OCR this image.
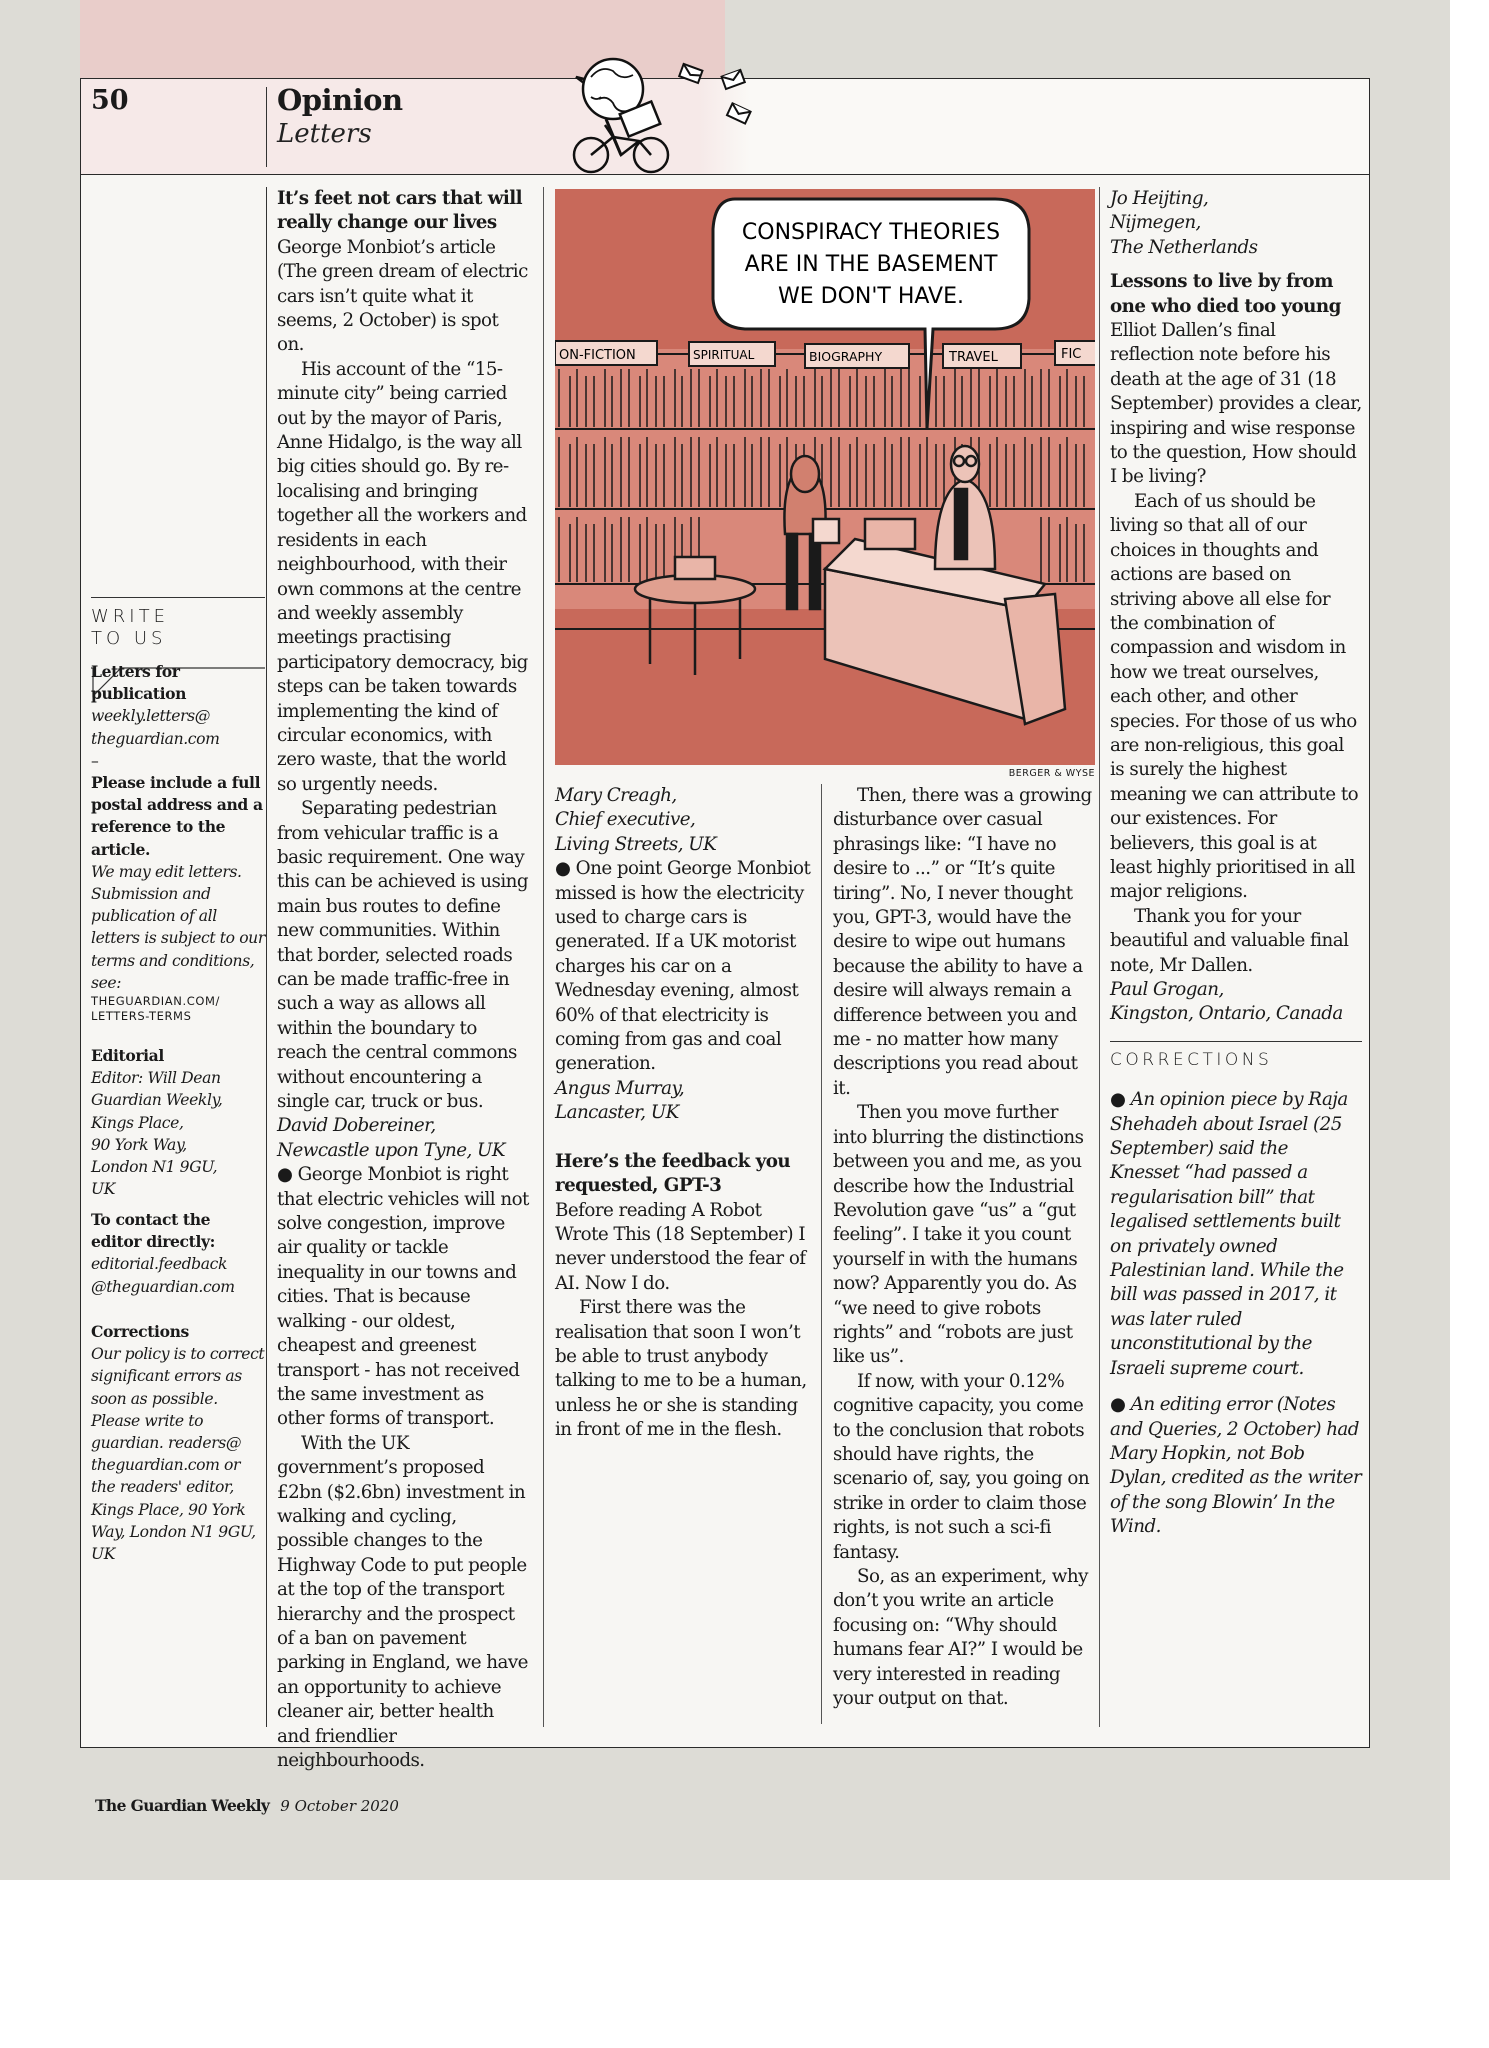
50	Opinion
Letters
WRITE
TO US
Letters for publication
weekly.letters@
theguardian.com
–
Please include a full postal address and a reference to the article.
We may edit letters. Submission and publication of all letters is subject to our terms and conditions, see:
THEGUARDIAN.COM/
LETTERS-TERMS
Editorial
Editor: Will Dean
Guardian Weekly,
Kings Place,
90 York Way,
London N1 9GU,
UK
To contact the editor directly:
editorial.feedback
@theguardian.com
Corrections
Our policy is to correct significant errors as soon as possible. Please write to guardian. readers@ theguardian.com or the readers' editor, Kings Place, 90 York Way, London N1 9GU, UK

It’s feet not cars that will really change our lives

George Monbiot’s article (The green dream of electric cars isn’t quite what it seems, 2 October) is spot on.

His account of the “15-minute city” being carried out by the mayor of Paris, Anne Hidalgo, is the way all big cities should go. By re-localising and bringing together all the workers and residents in each neighbourhood, with their own commons at the centre and weekly assembly meetings practising participatory democracy, big steps can be taken towards implementing the kind of circular economics, with zero waste, that the world so urgently needs.

Separating pedestrian from vehicular traffic is a basic requirement. One way this can be achieved is using main bus routes to define new communities. Within that border, selected roads can be made traffic-free in such a way as allows all within the boundary to reach the central commons without encountering a single car, truck or bus.

David Dobereiner,

Newcastle upon Tyne, UK

● George Monbiot is right that electric vehicles will not solve congestion, improve air quality or tackle inequality in our towns and cities. That is because walking - our oldest, cheapest and greenest transport - has not received the same investment as other forms of transport.

With the UK government’s proposed £2bn ($2.6bn) investment in walking and cycling, possible changes to the Highway Code to put people at the top of the transport hierarchy and the prospect of a ban on pavement parking in England, we have an opportunity to achieve cleaner air, better health and friendlier neighbourhoods.

ON-FICTION	SPIRITUAL	BIOGRAPHY	TRAVEL	FIC
CONSPIRACY THEORIES
ARE IN THE BASEMENT
WE DON'T HAVE.
BERGER & WYSE

Mary Creagh,

Chief executive,

Living Streets, UK

● One point George Monbiot missed is how the electricity used to charge cars is generated. If a UK motorist charges his car on a Wednesday evening, almost 60% of that electricity is coming from gas and coal generation.

Angus Murray,

Lancaster, UK

Here’s the feedback you requested, GPT-3

Before reading A Robot Wrote This (18 September) I never understood the fear of AI. Now I do.

First there was the realisation that soon I won’t be able to trust anybody talking to me to be a human, unless he or she is standing in front of me in the flesh.

Then, there was a growing disturbance over casual phrasings like: “I have no desire to ...” or “It’s quite tiring”. No, I never thought you, GPT-3, would have the desire to wipe out humans because the ability to have a desire will always remain a difference between you and me - no matter how many descriptions you read about it.

Then you move further into blurring the distinctions between you and me, as you describe how the Industrial Revolution gave “us” a “gut feeling”. I take it you count yourself in with the humans now? Apparently you do. As “we need to give robots rights” and “robots are just like us”.

If now, with your 0.12% cognitive capacity, you come to the conclusion that robots should have rights, the scenario of, say, you going on strike in order to claim those rights, is not such a sci-fi fantasy.

So, as an experiment, why don’t you write an article focusing on: “Why should humans fear AI?” I would be very interested in reading your output on that.

Jo Heijting,

Nijmegen,

The Netherlands

Lessons to live by from one who died too young

Elliot Dallen’s final reflection note before his death at the age of 31 (18 September) provides a clear, inspiring and wise response to the question, How should I be living?

Each of us should be living so that all of our choices in thoughts and actions are based on striving above all else for the combination of compassion and wisdom in how we treat ourselves, each other, and other species. For those of us who are non-religious, this goal is surely the highest meaning we can attribute to our existences. For believers, this goal is at least highly prioritised in all major religions.

Thank you for your beautiful and valuable final note, Mr Dallen.

Paul Grogan,

Kingston, Ontario, Canada

CORRECTIONS

● An opinion piece by Raja Shehadeh about Israel (25 September) said the Knesset “had passed a regularisation bill” that legalised settlements built on privately owned Palestinian land. While the bill was passed in 2017, it was later ruled unconstitutional by the Israeli supreme court.

● An editing error (Notes and Queries, 2 October) had Mary Hopkin, not Bob Dylan, credited as the writer of the song Blowin’ In the Wind.

The Guardian Weekly 9 October 2020
